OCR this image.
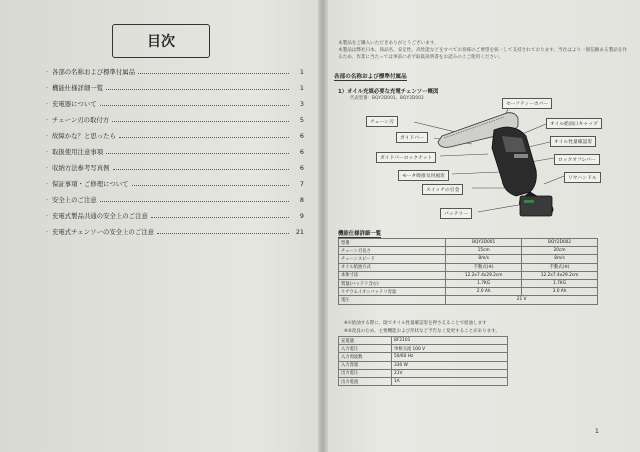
目次
· 各部の名称および標準付属品	1
· 機能仕様詳細一覧	1
· 充電器について	3
· チェーン刃の取付方	5
· 故障かな？と思ったら	6
· 取扱使用注意事項	6
· 収納方法参考写真例	6
· 保証事項・ご修理について	7
· 安全上のご注意	8
· 充電式製品共通の安全上のご注意	9
· 充電式チェンソーの安全上のご注意	21
本製品をご購入いただきありがとうございます。
本製品は弊社日本、商品名、安定性、高性能などをすべてお客様のご要望を統一して支持されております。当社はより一層信頼ある製品を作るため、作業に当たっては事前に必ず取扱説明書をお読みの上ご使用ください。
各部の名称および標準付属品
1）オイル充填必要な充電チェンソー概図
代表型番：BQY2D001、BQY2D002
チェーン刃
セーフティーカバー
ガイドバー
オイル給油口キャップ
オイル性量確認窓
ガイドバーロックナット	ロックオフレバー
モータ吸排気用風窓	リヤハンドル
スイッチの引金
バッテリー
機能仕様詳細一覧
型番	BQY2D001	BQY2D002
チェーン刃長さ	15cm	20cm
チェーンスピード	8m/s	8m/s
オイル給油方式	手動式(※)	手動式(※)
本体寸法	12.2x7.4x29.2cm	12.2x7.4x29.2cm
質量(バッテリ含む)	1.7KG	1.7KG
リチウムイオンバッテリ容量	2.0 Ah	3.0 Ah
電圧	21 V	
※①給油する際に、既でオイル性量確認窓を押さえることで給油します
※②改良のため、主要機能および形状など予告なく変更することがあります。
充電器	BF2101
入力電圧	単相交流 100 V
入力周波数	50/60 Hz
入力容量	330 W
出力電圧	21V
出力電流	1A
1
